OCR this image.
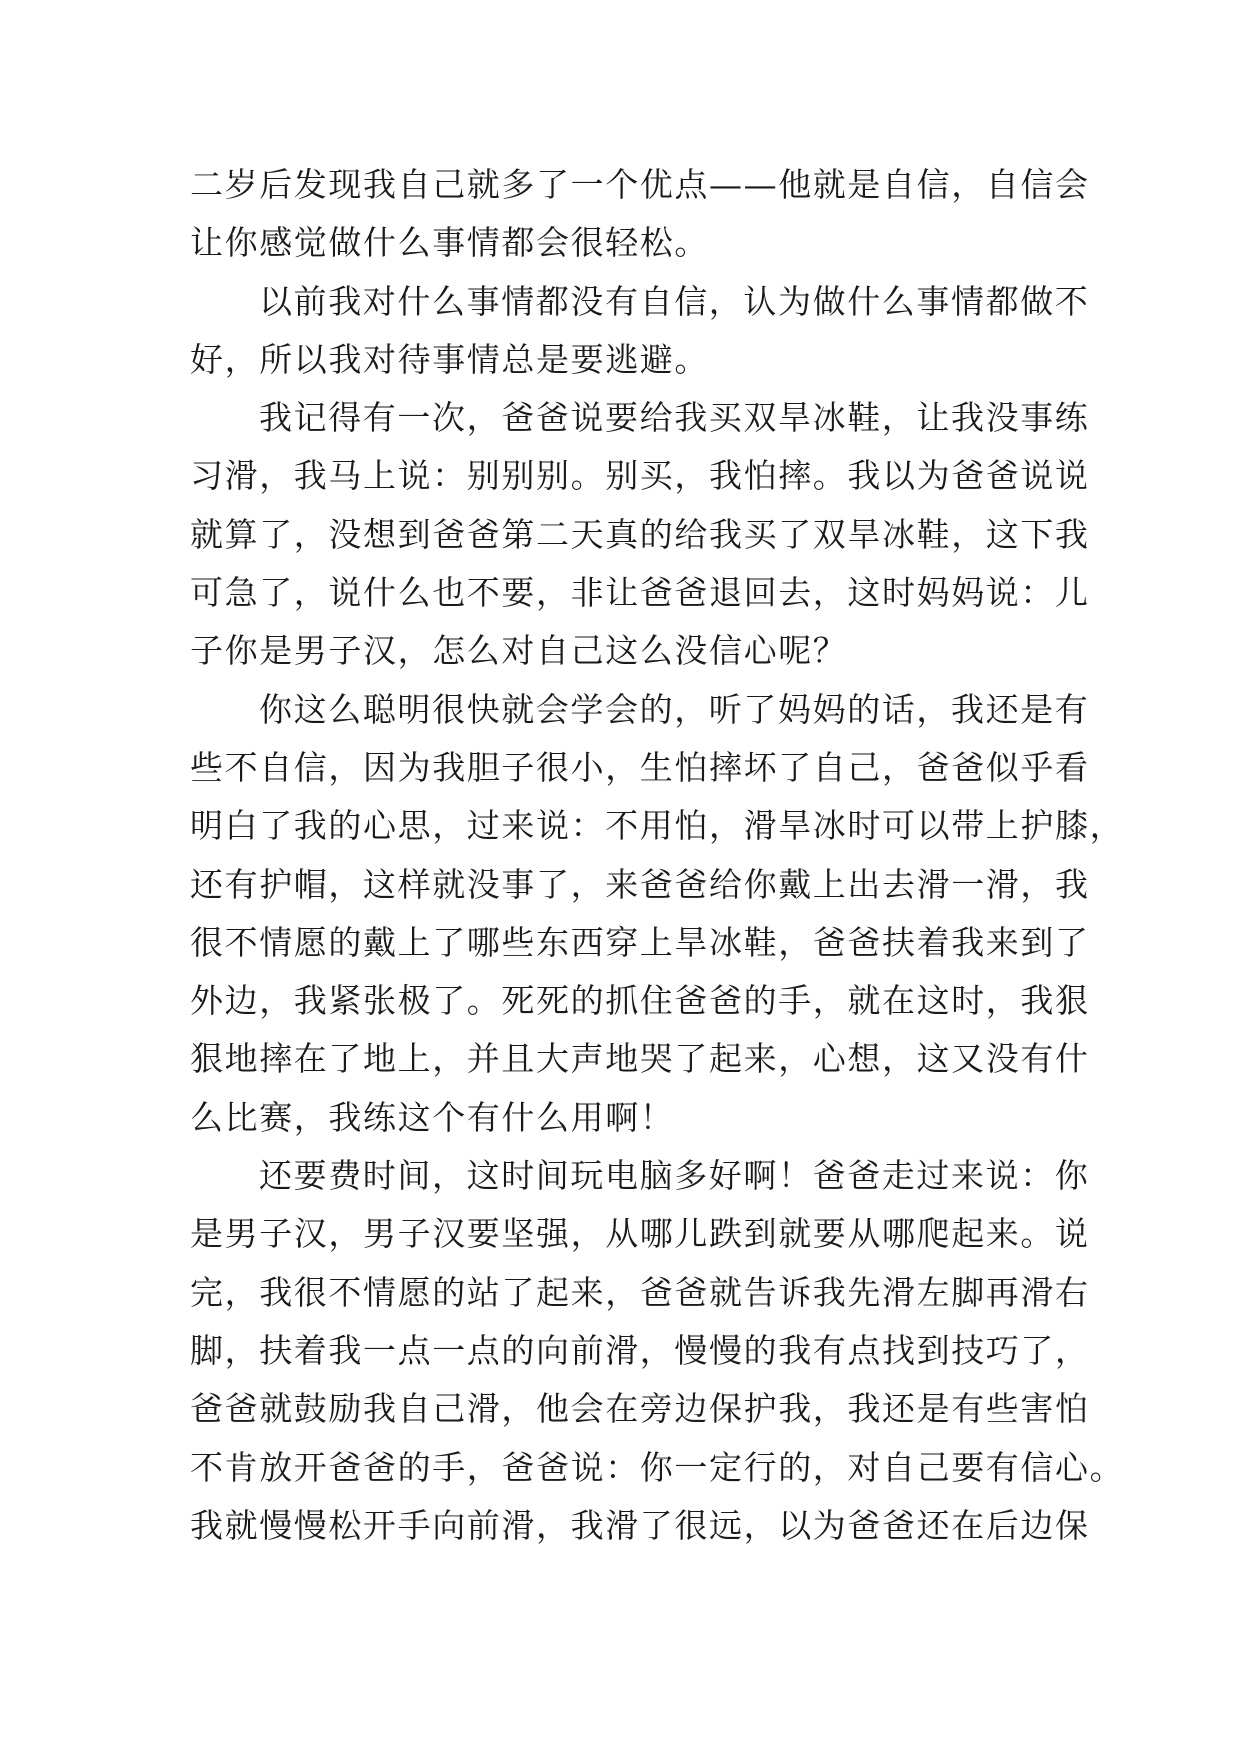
二岁后发现我自己就多了一个优点——他就是自信，自信会
让你感觉做什么事情都会很轻松。
以前我对什么事情都没有自信，认为做什么事情都做不
好，所以我对待事情总是要逃避。
我记得有一次，爸爸说要给我买双旱冰鞋，让我没事练
习滑，我马上说：别别别。别买，我怕摔。我以为爸爸说说
就算了，没想到爸爸第二天真的给我买了双旱冰鞋，这下我
可急了，说什么也不要，非让爸爸退回去，这时妈妈说：儿
子你是男子汉，怎么对自己这么没信心呢？
你这么聪明很快就会学会的，听了妈妈的话，我还是有
些不自信，因为我胆子很小，生怕摔坏了自己，爸爸似乎看
明白了我的心思，过来说：不用怕，滑旱冰时可以带上护膝，
还有护帽，这样就没事了，来爸爸给你戴上出去滑一滑，我
很不情愿的戴上了哪些东西穿上旱冰鞋，爸爸扶着我来到了
外边，我紧张极了。死死的抓住爸爸的手，就在这时，我狠
狠地摔在了地上，并且大声地哭了起来，心想，这又没有什
么比赛，我练这个有什么用啊！
还要费时间，这时间玩电脑多好啊！爸爸走过来说：你
是男子汉，男子汉要坚强，从哪儿跌到就要从哪爬起来。说
完，我很不情愿的站了起来，爸爸就告诉我先滑左脚再滑右
脚，扶着我一点一点的向前滑，慢慢的我有点找到技巧了，
爸爸就鼓励我自己滑，他会在旁边保护我，我还是有些害怕
不肯放开爸爸的手，爸爸说：你一定行的，对自己要有信心。
我就慢慢松开手向前滑，我滑了很远，以为爸爸还在后边保
